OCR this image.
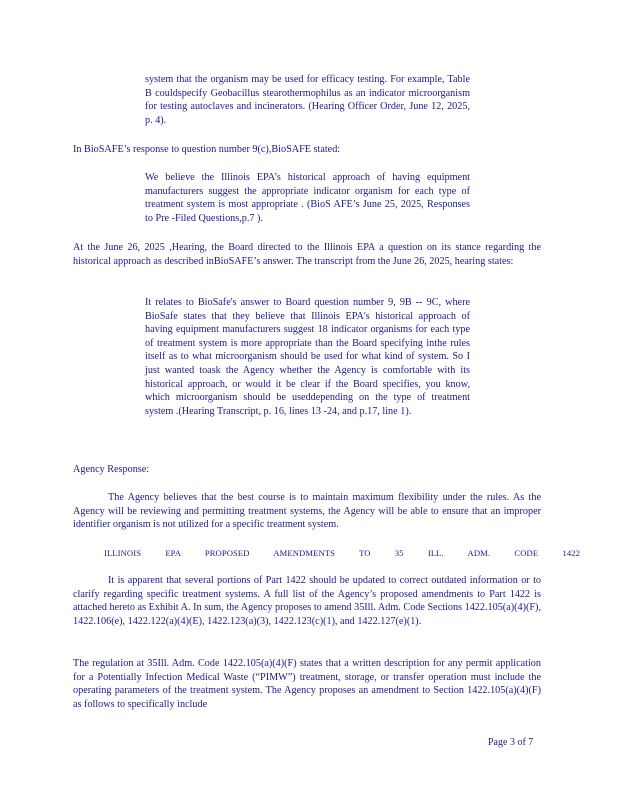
system that the organism may be used for efficacy testing. For example, Table B couldspecify Geobacillus stearothermophilus as an indicator microorganism for testing autoclaves and incinerators. (Hearing Officer Order, June 12, 2025, p. 4).

In BioSAFE’s response to question number 9(c),BioSAFE stated:

We believe the Illinois EPA’s historical approach of having equipment manufacturers suggest the appropriate indicator organism for each type of treatment system is most appropriate . (BioS AFE’s June 25, 2025, Responses to Pre -Filed Questions,p.7 ).

At the June 26, 2025 ,Hearing, the Board directed to the Illinois EPA a question on its stance regarding the historical approach as described inBioSAFE’s answer. The transcript from the June 26, 2025, hearing states:

It relates to BioSafe's answer to Board question number 9, 9B -- 9C, where BioSafe states that they believe that Illinois EPA's historical approach of having equipment manufacturers suggest 18 indicator organisms for each type of treatment system is more appropriate than the Board specifying inthe rules itself as to what microorganism should be used for what kind of system. So I just wanted toask the Agency whether the Agency is comfortable with its historical approach, or would it be clear if the Board specifies, you know, which microorganism should be useddepending on the type of treatment system .(Hearing Transcript, p. 16, lines 13 -24, and p.17, line 1).

Agency Response:

The Agency believes that the best course is to maintain maximum flexibility under the rules. As the Agency will be reviewing and permitting treatment systems, the Agency will be able to ensure that an improper identifier organism is not utilized for a specific treatment system.

ILLINOIS EPA PROPOSED AMENDMENTS TO 35 ILL. ADM. CODE 1422

It is apparent that several portions of Part 1422 should be updated to correct outdated information or to clarify regarding specific treatment systems. A full list of the Agency’s proposed amendments to Part 1422 is attached hereto as Exhibit A. In sum, the Agency proposes to amend 35Ill. Adm. Code Sections 1422.105(a)(4)(F), 1422.106(e), 1422.122(a)(4)(E), 1422.123(a)(3), 1422.123(c)(1), and 1422.127(e)(1).

The regulation at 35Ill. Adm. Code 1422.105(a)(4)(F) states that a written description for any permit application for a Potentially Infection Medical Waste (“PIMW”) treatment, storage, or transfer operation must include the operating parameters of the treatment system. The Agency proposes an amendment to Section 1422.105(a)(4)(F) as follows to specifically include

Page 3 of 7
